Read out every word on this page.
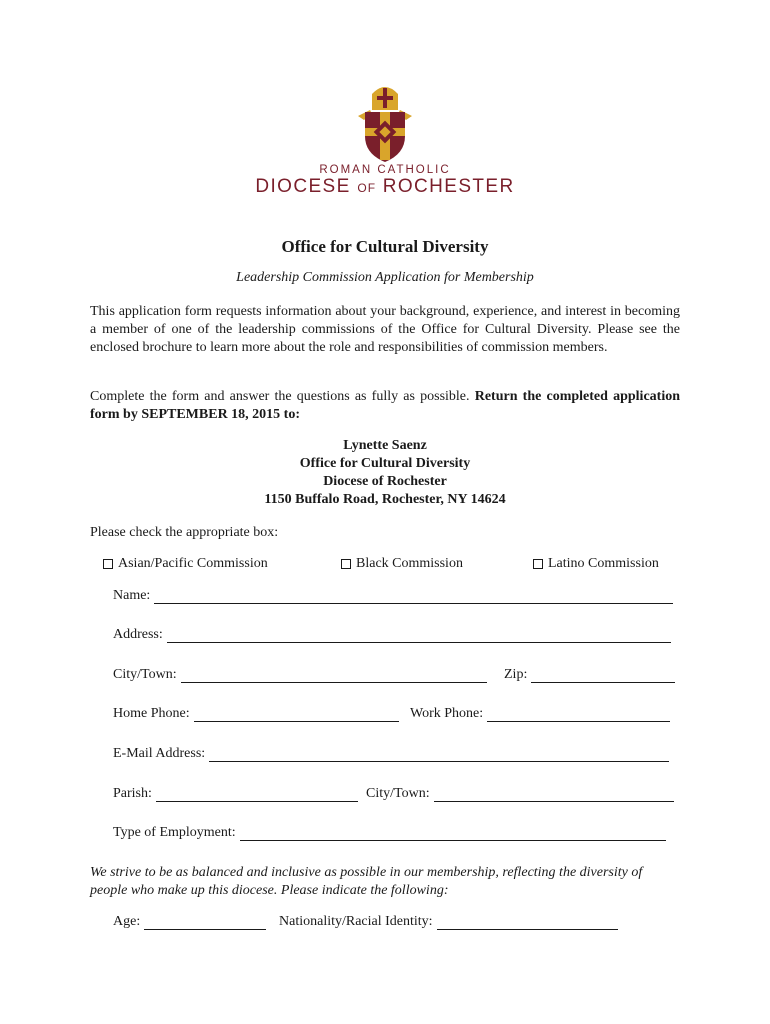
ROMAN CATHOLIC
DIOCESE OF ROCHESTER
Office for Cultural Diversity
Leadership Commission Application for Membership

This application form requests information about your background, experience, and interest in becoming a member of one of the leadership commissions of the Office for Cultural Diversity. Please see the enclosed brochure to learn more about the role and responsibilities of commission members.

Complete the form and answer the questions as fully as possible. Return the completed application form by SEPTEMBER 18, 2015 to:

Lynette Saenz
Office for Cultural Diversity
Diocese of Rochester
1150 Buffalo Road, Rochester, NY 14624
Please check the appropriate box:
Asian/Pacific Commission	Black Commission	Latino Commission
Name:
Address:
City/Town:	Zip:
Home Phone:	Work Phone:
E-Mail Address:
Parish:	City/Town:
Type of Employment:
We strive to be as balanced and inclusive as possible in our membership, reflecting the diversity of people who make up this diocese. Please indicate the following:
Age:	Nationality/Racial Identity:
